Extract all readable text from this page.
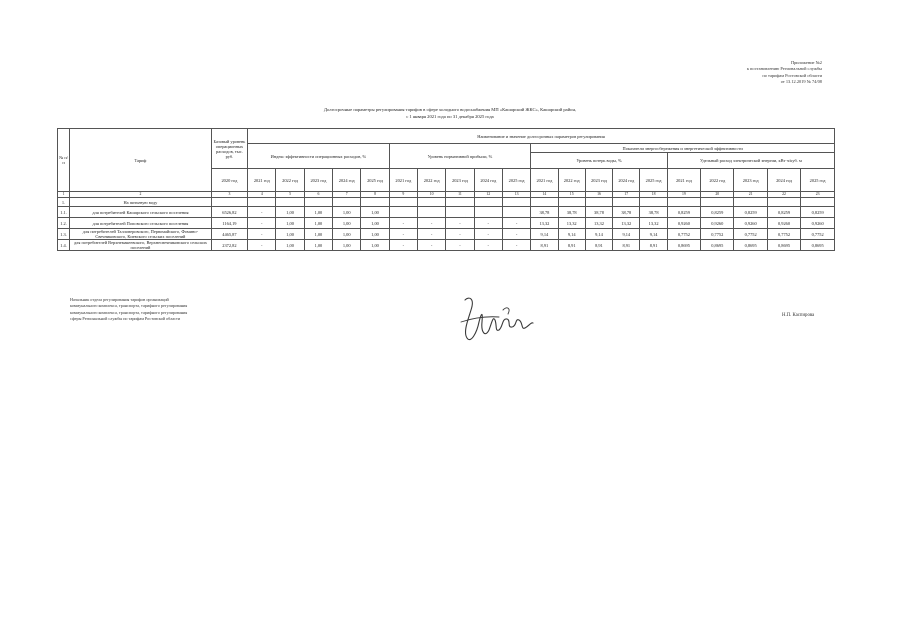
Приложение №2
к постановлению Региональной службы
по тарифам Ростовской области
от 13.12.2019 № 74/08
Долгосрочные параметры регулирования тарифов в сфере холодного водоснабжения МП «Кашарский ЖКС», Кашарский район,
с 1 января 2021 года по 31 декабря 2025 года
№ п/п	Тариф	Базовый уровень операционных расходов, тыс. руб.	Наименование и значение долгосрочных параметров регулирования																			
			Индекс эффективности операционных расходов, %					Уровень нормативной прибыли, %					Показатели энергосбережения и энергетической эффективности									
													Уровень потерь воды, %					Удельный расход электрической энергии, кВт·ч/куб. м				
		2020 год	2021 год	2022 год	2023 год	2024 год	2025 год	2021 год	2022 год	2023 год	2024 год	2025 год	2021 год	2022 год	2023 год	2024 год	2025 год	2021 год	2022 год	2023 год	2024 год	2025 год
1	2	3	4	5	6	7	8	9	10	11	12	13	14	15	16	17	18	19	20	21	22	23
1.	На питьевую воду																					
1.1.	для потребителей Кашарского сельского поселения	6526,82	-	1,00	1,00	1,00	1,00						38,78	38,78	38,78	38,78	38,78	0,8259	0,8259	0,8259	0,8259	0,8259
1.2.	для потребителей Поповского сельского поселения	1164,19	-	1,00	1,00	1,00	1,00	-	-	-	-	-	13,32	13,32	13,32	13,32	13,32	0,9260	0,9260	0,9260	0,9260	0,9260
1.3.	для потребителей Талловеровского, Первомайского, Фомино-Свечниковского, Киевского сельских поселений	4465,87	-	1,00	1,00	1,00	1,00	-	-	-	-	-	9,14	9,14	9,14	9,14	9,14	0,7752	0,7752	0,7752	0,7752	0,7752
1.4.	для потребителей Верхнемакеевского, Верхнесвечниковского сельских поселений	2372,82	-	1,00	1,00	1,00	1,00	-	-	-	-	-	8,91	8,91	8,91	8,91	8,91	0,8695	0,8695	0,8695	0,8695	0,8695
Начальник отдела регулирования тарифов организаций
коммунального комплекса, транспорта, тарифного регулирования
коммунального комплекса, транспорта, тарифного регулирования
сферы Региональной службы по тарифам Ростовской области
Н.П. Каспирова
